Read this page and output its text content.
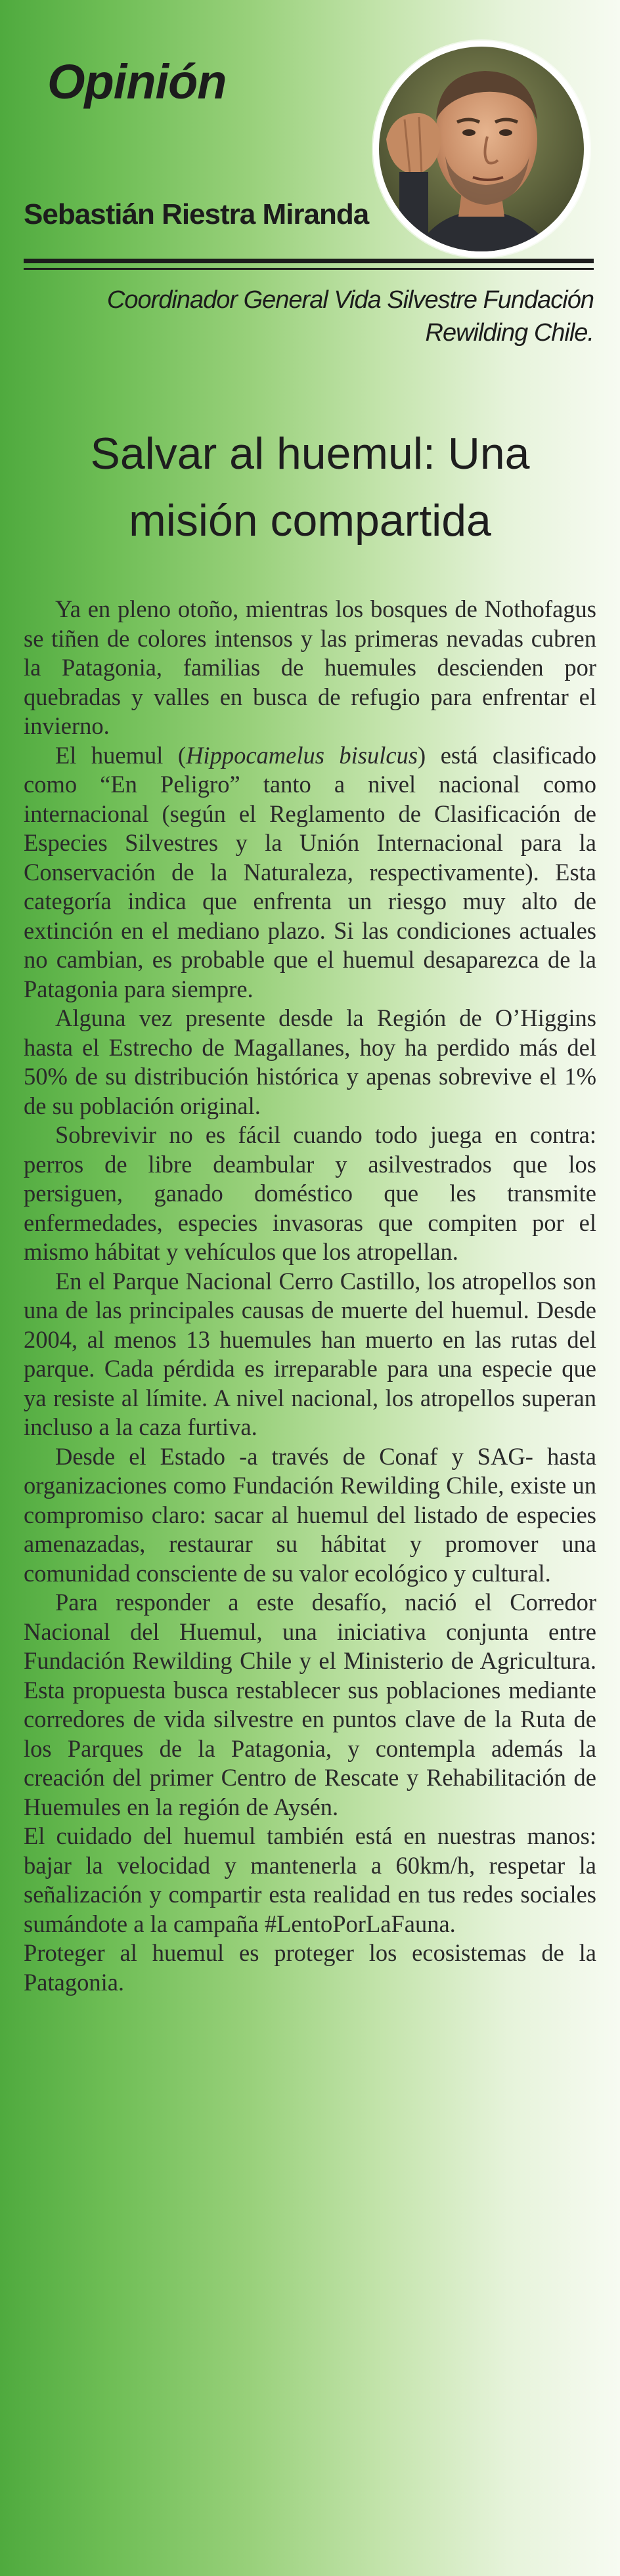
Opinión
Sebastián Riestra Miranda

Coordinador General Vida Silvestre Fundación
Rewilding Chile.

Salvar al huemul: Una
misión compartida

Ya en pleno otoño, mientras los bosques de Nothofagus se tiñen de colores intensos y las primeras nevadas cubren la Patagonia, familias de huemules descienden por quebradas y valles en busca de refugio para enfrentar el invierno.

El huemul (Hippocamelus bisulcus) está clasificado como “En Peligro” tanto a nivel nacional como internacional (según el Reglamento de Clasificación de Especies Silvestres y la Unión Internacional para la Conservación de la Naturaleza, respectivamente). Esta categoría indica que enfrenta un riesgo muy alto de extinción en el mediano plazo. Si las condiciones actuales no cambian, es probable que el huemul desaparezca de la Patagonia para siempre.

Alguna vez presente desde la Región de O’Higgins hasta el Estrecho de Magallanes, hoy ha perdido más del 50% de su distribución histórica y apenas sobrevive el 1% de su población original.

Sobrevivir no es fácil cuando todo juega en contra: perros de libre deambular y asilvestrados que los persiguen, ganado doméstico que les transmite enfermedades, especies invasoras que compiten por el mismo hábitat y vehículos que los atropellan.

En el Parque Nacional Cerro Castillo, los atropellos son una de las principales causas de muerte del huemul. Desde 2004, al menos 13 huemules han muerto en las rutas del parque. Cada pérdida es irreparable para una especie que ya resiste al límite. A nivel nacional, los atropellos superan incluso a la caza furtiva.

Desde el Estado -a través de Conaf y SAG- hasta organizaciones como Fundación Rewilding Chile, existe un compromiso claro: sacar al huemul del listado de especies amenazadas, restaurar su hábitat y promover una comunidad consciente de su valor ecológico y cultural.

Para responder a este desafío, nació el Corredor Nacional del Huemul, una iniciativa conjunta entre Fundación Rewilding Chile y el Ministerio de Agricultura. Esta propuesta busca restablecer sus poblaciones mediante corredores de vida silvestre en puntos clave de la Ruta de los Parques de la Patagonia, y contempla además la creación del primer Centro de Rescate y Rehabilitación de Huemules en la región de Aysén.

El cuidado del huemul también está en nuestras manos: bajar la velocidad y mantenerla a 60km/h, respetar la señalización y compartir esta realidad en tus redes sociales sumándote a la campaña #LentoPorLaFauna.

Proteger al huemul es proteger los ecosistemas de la Patagonia.
